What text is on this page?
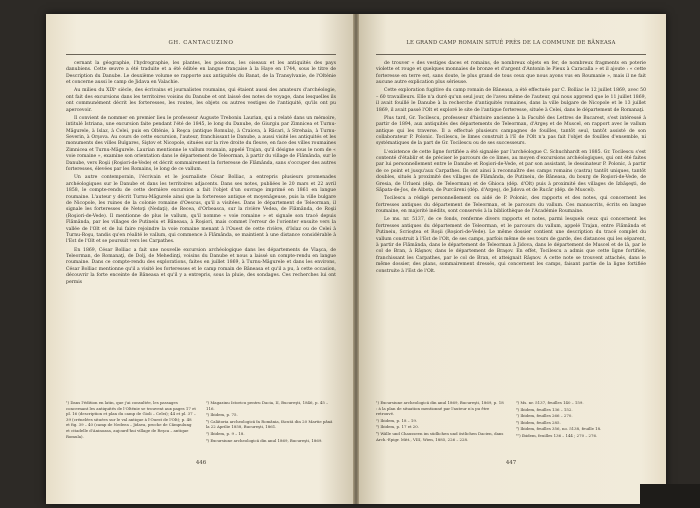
GH. CANTACUZINO

cernant la géographie, l'hydrographie, les plantes, les poissons, les oiseaux et les antiquités des pays danubiens. Cette œuvre a été traduite et a été éditée en langue française à la Haye en 1744, sous le titre de Description du Danube. Le deuxième volume se rapporte aux antiquités du Banat, de la Transylvanie, de l'Olténie et concerne aussi le camp de Jidava en Valachie.

Au milieu du XIXᵉ siècle, des écrivains et journalistes roumains, qui étaient aussi des amateurs d'archéologie, ont fait des excursions dans les territoires voisins du Danube et ont laissé des notes de voyage, dans lesquelles ils ont communément décrit les forteresses, les routes, les objets ou autres vestiges de l'antiquité, qu'ils ont pu apercevoir.

Il convient de nommer en premier lieu le professeur Auguste Treboniu Laurian, qui a relaté dans un mémoire, intitulé Istriana, une excursion faite pendant l'été de 1845, le long du Danube, de Giurgiu par Zimnicea et Turnu-Măgurele, à Islaz, à Celei, puis en Olténie, à Reşca (antique Romula), à Craiova, à Răcari, à Strehaia, à Turnu-Severin, à Orşova. Au cours de cette excursion, l'auteur, franchissant le Danube, a aussi visité les antiquités et les monuments des villes Bulgares, Siştov et Nicopole, situées sur la rive droite du fleuve, en face des villes roumaines Zimnicea et Turnu-Măgurele. Laurian mentionne le vallum roumain, appelé Trajan, qu'il désigne sous le nom de « voie romaine », examine son orientation dans le département de Teleorman, à partir du village de Flămânda, sur le Danube, vers Roşii (Roşiori-de-Vede) et décrit sommairement la forteresse de Flămânda, sans s'occuper des autres forteresses, élevées par les Romains, le long de ce vallum.

Un autre contemporain, l'écrivain et le journaliste César Bolliac, a entrepris plusieurs promenades archéologiques sur le Danube et dans les territoires adjacents. Dans ses notes, publiées le 20 mars et 22 avril 1858, le compte-rendu de cette dernière excursion a fait l'objet d'un ouvrage imprimé en 1861 en langue roumaine. L'auteur y décrit Turnu-Măgurele ainsi que la forteresse antique et moyenâgeuse, puis la ville bulgare de Nicopole, les ruines de la colonie romaine d'Oescus, qu'il a visitées. Dans le département de Teleorman, il signale les forteresses de Netoţi (Nedaţi), de Recea, d'Orbeasca, sur la rivière Vedea, de Flămânda, de Roşii (Roşiori-de-Vede). Il mentionne de plus le vallum, qu'il nomme « voie romaine » et signale son tracé depuis Flămânda, par les villages de Putineiu et Băneasa, à Roşiori, mais commet l'erreur de l'orienter ensuite vers la vallée de l'Olt et de lui faire rejoindre la voie romaine menant à l'Ouest de cette rivière, d'Islaz ou de Celei à Turnu-Roşu, tandis qu'en réalité le vallum, qui commence à Flămânda, se maintient à une distance considérable à l'Est de l'Olt et se poursuit vers les Carpathes.

En 1869, César Bolliac a fait une nouvelle excursion archéologique dans les départements de Vlaşca, de Teleorman, de Romanaţi, de Dolj, de Mehedinţi, voisins du Danube et nous a laissé un compte-rendu en langue roumaine. Dans ce compte-rendu des explorations, faites en juillet 1869, à Turnu-Măgurele et dans les environs, César Bolliac mentionne qu'il a visité les forteresses et le camp romain de Băneasa et qu'il a pu, à cette occasion, découvrir la forte enceinte de Băneasa et qu'il y a entrepris, sous la pluie, des sondages. Ces recherches lui ont permis

¹) Dans l'édition en latin, que j'ai consultée, les passages concernant les antiquités de l'Olténie se trouvent aux pages 17 et pl. 16 (description et plan du camp de Gioli – Celei); 44 et pl. 37 – 39 (crénelées situées sur le val antique à l'Ouest de l'Olt); p. 48 et fig. 39 – 40 (camp de Nedeea – Jidava, proche de Câmpulung et citadelle d'Aninoasa, aujourd'hui village de Reşca – antique Romula).

²) Magazinu Istoricu pentru Dacia, II, Bucureşti, 1846, p. 45 – 116.

³) Ibidem, p. 75.

⁴) Calătoria archeologică în România, făcută din 20 Martie până la 22 Aprilie 1858, Bucureşti, 1861.

⁵) Ibidem, p. 9 – 18.

⁶) Excursiune archeologică din anul 1869, Bucureşti, 1869.

446
LE GRAND CAMP ROMAIN SITUÉ PRÈS DE LA COMMUNE DE BĂNEASA

de trouver « des vestiges daces et romains, de nombreux objets en fer, de nombreux fragments en poterie violette et rouge et quelques monnaies de bronze et d'argent d'Antonin le Pieux à Caracalla » et il ajoute : « cette forteresse en terre est, sans doute, le plus grand de tous ceux que nous ayons vus en Roumanie », mais il ne fait aucune autre explication plus sérieuse.

Cette exploration fugitive du camp romain de Băneasa, a été effectuée par C. Bolliac le 12 juillet 1869, avec 50 – 60 travailleurs. Elle n'a duré qu'un seul jour, de l'aveu même de l'auteur, qui nous apprend que le 11 juillet 1869, il avait fouillé le Danube à la recherche d'antiquités romaines, dans la ville bulgare de Nicopole et le 13 juillet 1869, il avait passé l'Olt et exploré le site de l'antique forteresse, située à Celei, dans le département de Romanaţi.

Plus tard, Gr. Tocilescu, professeur d'histoire ancienne à la Faculté des Lettres de Bucarest, s'est intéressé à partir de 1894, aux antiquités des départements de Teleorman, d'Argeş et de Muscel, en rapport avec le vallum antique qui les traverse. Il a effectué plusieurs campagnes de fouilles, tantôt seul, tantôt assisté de son collaborateur P. Polonic. Tocilescu, le limes construit à l'E de l'Olt n'a pas fait l'objet de fouilles d'ensemble, ni systématiques de la part de Gr. Tocilescu ou de ses successeurs.

L'existence de cette ligne fortifiée a été signalée par l'archéologue C. Schuchhardt en 1885. Gr. Tocilescu s'est contenté d'établir et de préciser le parcours de ce limes, au moyen d'excursions archéologiques, qui ont été faites par lui personnellement entre le Danube et Roşiori-de-Vede, et par son assistant, le dessinateur P. Polonic, à partir de ce point et jusqu'aux Carpathes. Ils ont ainsi à reconnaître des camps romains (castra) tantôt uniques, tantôt doubles, situés à proximité des villages de Flămânda, de Putineiu, de Băneasa, du bourg de Roşiori-de-Vede, de Gresia, de Urlueni (dép. de Teleorman) et de Ghioca (dép. d'Olt) puis à proximité des villages de Izbăşeşti, de Săpata-de-Jos, de Albota, de Purcăreni (dép. d'Argeş), de Jidova et de Rucăr (dép. de Muscel).

Tocilescu a rédigé personnellement ou aidé de P. Polonic, des rapports et des notes, qui concernent les fortresses antiques du département de Teleorman, et le parcours du vallum. Ces manuscrits, écrits en langue roumaine, en majorité inédits, sont conservés à la bibliothèque de l'Académie Roumaine.

Le ms. nr. 5137, de ce fonds, renferme divers rapports et notes, parmi lesquels ceux qui concernent les fortresses antiques du département de Teleorman, et le parcours du vallum, appelé Trajan, entre Flămânda et Putineiu, Scrioştea et Roşii (Roşiori-de-Vede). Le même dossier contient une description du tracé complet du vallum construit à l'Est de l'Olt, de ses camps, parfois même de ses tours de garde, des distances qui les séparent, à partir de Flămânda, dans le département de Teleorman à Jidova, dans le département de Muscel et de là, par le col de Bran, à Râşnov, dans le département de Braşov. En effet, Tocilescu a admis que cette ligne fortifiée, franchissant les Carpathes, par le col de Bran, et atteignait Râşnov. A cette note se trouvent attachés, dans le même dossier, des plans, sommairement dressés, qui concernent les camps, faisant partie de la ligne fortifiée construite à l'Est de l'Olt.

¹) Excursiune archeologică din anul 1869, Bucureşti, 1869, p. 18 : à la plan de situation mentionné par l'auteur n'a pu être retrouvé.

²) Ibidem, p. 18 – 19.

³) Ibidem, p. 17 et 20.

⁴) Wälle und Chausseen im südlichen und östlichen Dacien, dans Arch.-Epigr. Mitt., VIII, Wien, 1885, 226 – 228.

⁵) Ms. nr. 5137, feuilles 140 – 159.

⁶) Ibidem, feuilles 136 – 152.

⁷) Ibidem, feuilles 266 – 270.

⁸) Ibidem, feuilles 285.

⁹) Ibidem, feuilles 356, no. 5138, feuille 18.

¹⁰) Ibidem, feuilles 136 – 144 ; 270 – 276.

447
